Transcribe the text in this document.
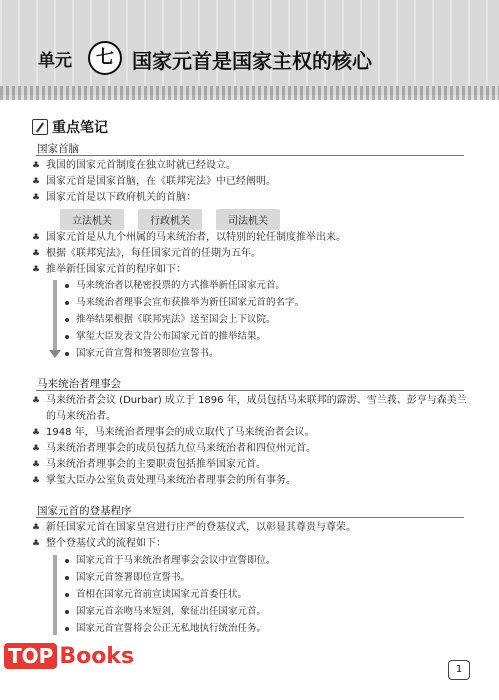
单元	七 国家元首是国家主权的核心
重点笔记
国家首脑
♣ 我国的国家元首制度在独立时就已经设立。
♣ 国家元首是国家首脑，在《联邦宪法》中已经阐明。
♣ 国家元首是以下政府机关的首脑：
立法机关	行政机关	司法机关
♣ 国家元首是从九个州属的马来统治者，以特别的轮任制度推举出来。
♣ 根据《联邦宪法》，每任国家元首的任期为五年。
♣ 推举新任国家元首的程序如下：
马来统治者以秘密投票的方式推举新任国家元首。
马来统治者理事会宣布获推举为新任国家元首的名字。
推举结果根据《联邦宪法》送至国会上下议院。
掌玺大臣发表文告公布国家元首的推举结果。
国家元首宣誓和签署即位宣誓书。
马来统治者理事会
♣ 马来统治者会议 (Durbar) 成立于 1896 年，成员包括马来联邦的霹雳、雪兰莪、彭亨与森美兰的马来统治者。
♣ 1948 年，马来统治者理事会的成立取代了马来统治者会议。
♣ 马来统治者理事会的成员包括九位马来统治者和四位州元首。
♣ 马来统治者理事会的主要职责包括推举国家元首。
♣ 掌玺大臣办公室负责处理马来统治者理事会的所有事务。
国家元首的登基程序
♣ 新任国家元首在国家皇宫进行庄严的登基仪式，以彰显其尊贵与尊荣。
♣ 整个登基仪式的流程如下：
国家元首于马来统治者理事会会议中宣誓即位。
国家元首签署即位宣誓书。
首相在国家元首前宣读国家元首委任状。
国家元首亲吻马来短剑，象征出任国家元首。
国家元首宣誓将会公正无私地执行统治任务。
TOP Books
1
